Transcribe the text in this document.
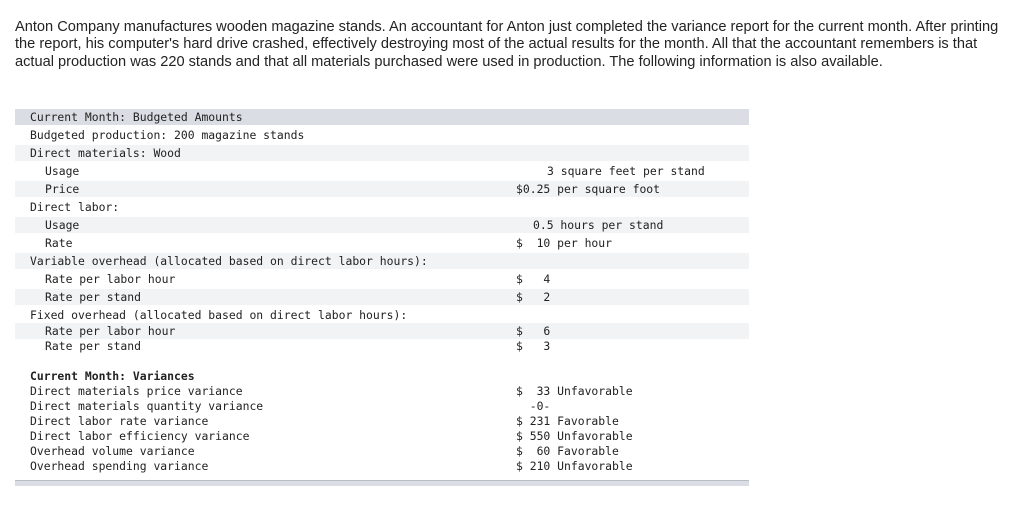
Anton Company manufactures wooden magazine stands. An accountant for Anton just completed the variance report for the current month. After printing the report, his computer's hard drive crashed, effectively destroying most of the actual results for the month. All that the accountant remembers is that actual production was 220 stands and that all materials purchased were used in production. The following information is also available.

Current Month: Budgeted Amounts
Budgeted production: 200 magazine stands
Direct materials: Wood
Usage	3 square feet per stand
Price	$0.25 per square foot
Direct labor:
Usage	0.5 hours per stand
Rate	$  10 per hour
Variable overhead (allocated based on direct labor hours):
Rate per labor hour	$   4
Rate per stand	$   2
Fixed overhead (allocated based on direct labor hours):
Rate per labor hour	$   6
Rate per stand	$   3
Current Month: Variances
Direct materials price variance	$  33 Unfavorable
Direct materials quantity variance	-0-
Direct labor rate variance	$ 231 Favorable
Direct labor efficiency variance	$ 550 Unfavorable
Overhead volume variance	$  60 Favorable
Overhead spending variance	$ 210 Unfavorable
